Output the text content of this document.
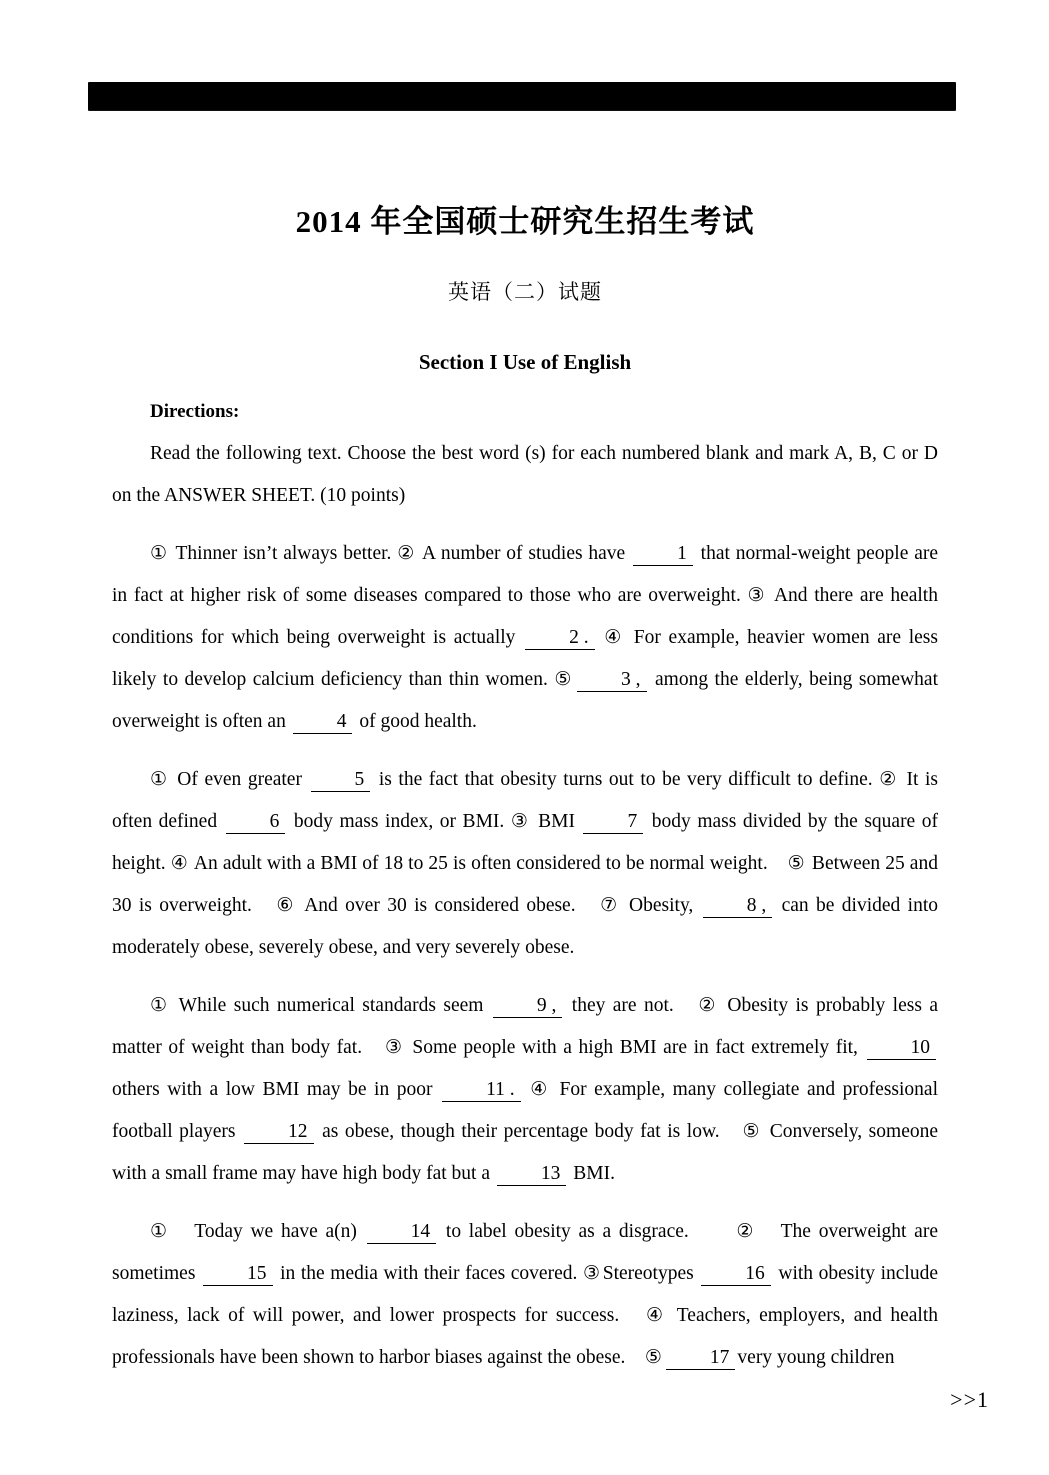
2014 年全国硕士研究生招生考试
英语（二）试题
Section I Use of English
Directions:

Read the following text. Choose the best word (s) for each numbered blank and mark A, B, C or D on the ANSWER SHEET. (10 points)

① Thinner isn’t always better. ② A number of studies have 1 that normal-weight people are in fact at higher risk of some diseases compared to those who are overweight. ③ And there are health conditions for which being overweight is actually 2 . ④ For example, heavier women are less likely to develop calcium deficiency than thin women. ⑤ 3 , among the elderly, being somewhat overweight is often an 4 of good health.

① Of even greater 5 is the fact that obesity turns out to be very difficult to define. ② It is often defined 6 body mass index, or BMI. ③ BMI 7 body mass divided by the square of height. ④ An adult with a BMI of 18 to 25 is often considered to be normal weight.　⑤ Between 25 and 30 is overweight.　⑥ And over 30 is considered obese.　⑦ Obesity, 8 , can be divided into moderately obese, severely obese, and very severely obese.

① While such numerical standards seem 9 , they are not.　② Obesity is probably less a matter of weight than body fat.　③ Some people with a high BMI are in fact extremely fit, 10 others with a low BMI may be in poor 11 . ④ For example, many collegiate and professional football players 12 as obese, though their percentage body fat is low.　⑤ Conversely, someone with a small frame may have high body fat but a 13 BMI.

①　Today we have a(n) 14 to label obesity as a disgrace.　　②　The overweight are sometimes 15 in the media with their faces covered. ③ Stereotypes 16 with obesity include laziness, lack of will power, and lower prospects for success.　④ Teachers, employers, and health professionals have been shown to harbor biases against the obese.　⑤ 17 very young children

>>1
